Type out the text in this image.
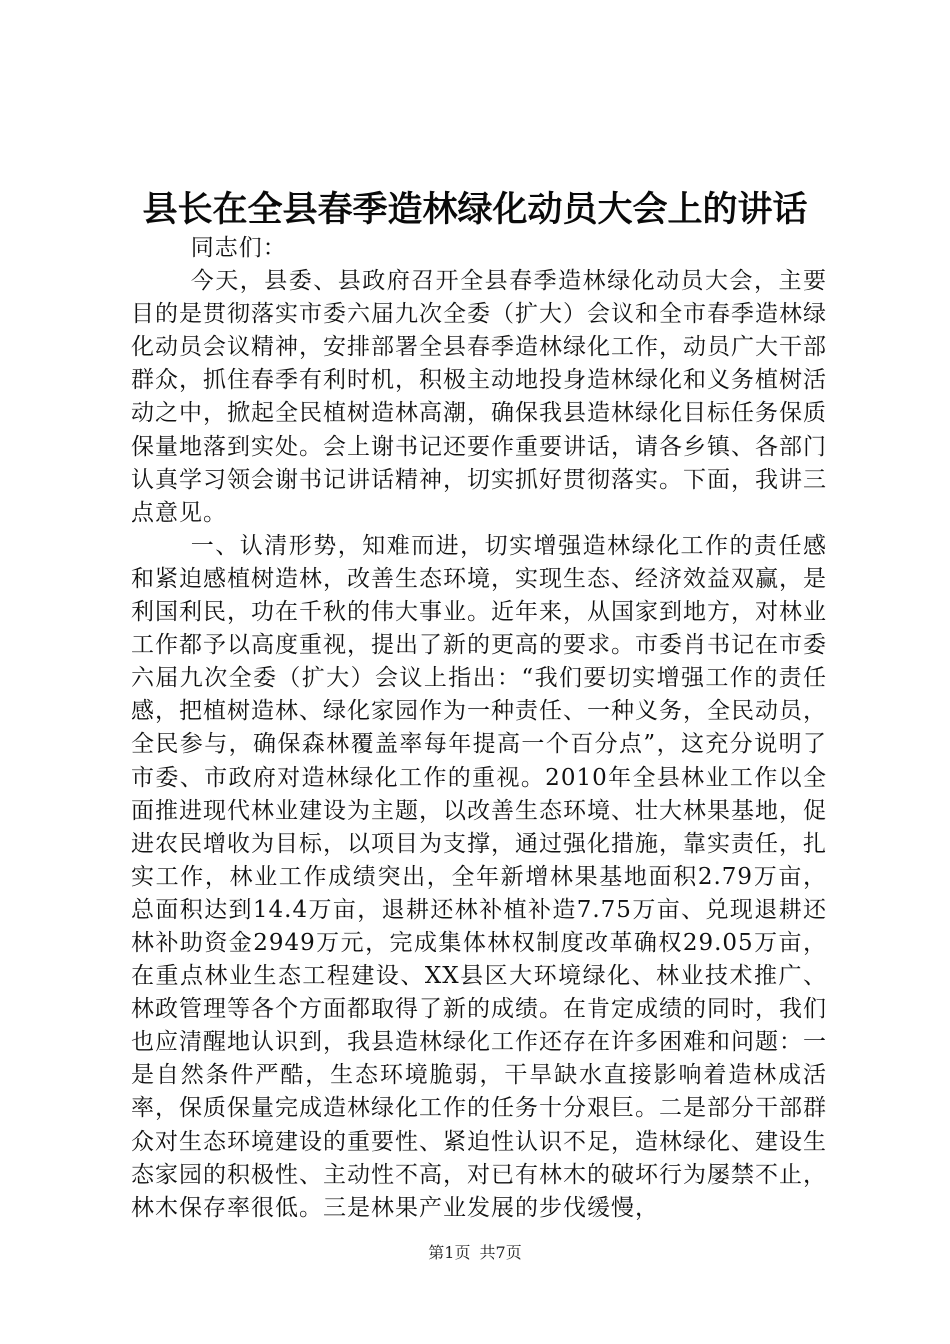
县长在全县春季造林绿化动员大会上的讲话

同志们：

今天，县委、县政府召开全县春季造林绿化动员大会，主要目的是贯彻落实市委六届九次全委（扩大）会议和全市春季造林绿化动员会议精神，安排部署全县春季造林绿化工作，动员广大干部群众，抓住春季有利时机，积极主动地投身造林绿化和义务植树活动之中，掀起全民植树造林高潮，确保我县造林绿化目标任务保质保量地落到实处。会上谢书记还要作重要讲话，请各乡镇、各部门认真学习领会谢书记讲话精神，切实抓好贯彻落实。下面，我讲三点意见。

一、认清形势，知难而进，切实增强造林绿化工作的责任感和紧迫感植树造林，改善生态环境，实现生态、经济效益双赢，是利国利民，功在千秋的伟大事业。近年来，从国家到地方，对林业工作都予以高度重视，提出了新的更高的要求。市委肖书记在市委六届九次全委（扩大）会议上指出：“我们要切实增强工作的责任感，把植树造林、绿化家园作为一种责任、一种义务，全民动员，全民参与，确保森林覆盖率每年提高一个百分点”，这充分说明了市委、市政府对造林绿化工作的重视。2010年全县林业工作以全面推进现代林业建设为主题，以改善生态环境、壮大林果基地，促进农民增收为目标，以项目为支撑，通过强化措施，靠实责任，扎实工作，林业工作成绩突出，全年新增林果基地面积2.79万亩，总面积达到14.4万亩，退耕还林补植补造7.75万亩、兑现退耕还林补助资金2949万元，完成集体林权制度改革确权29.05万亩，在重点林业生态工程建设、XX县区大环境绿化、林业技术推广、林政管理等各个方面都取得了新的成绩。在肯定成绩的同时，我们也应清醒地认识到，我县造林绿化工作还存在许多困难和问题：一是自然条件严酷，生态环境脆弱，干旱缺水直接影响着造林成活率，保质保量完成造林绿化工作的任务十分艰巨。二是部分干部群众对生态环境建设的重要性、紧迫性认识不足，造林绿化、建设生态家园的积极性、主动性不高，对已有林木的破坏行为屡禁不止，林木保存率很低。三是林果产业发展的步伐缓慢，

第1页 共7页
